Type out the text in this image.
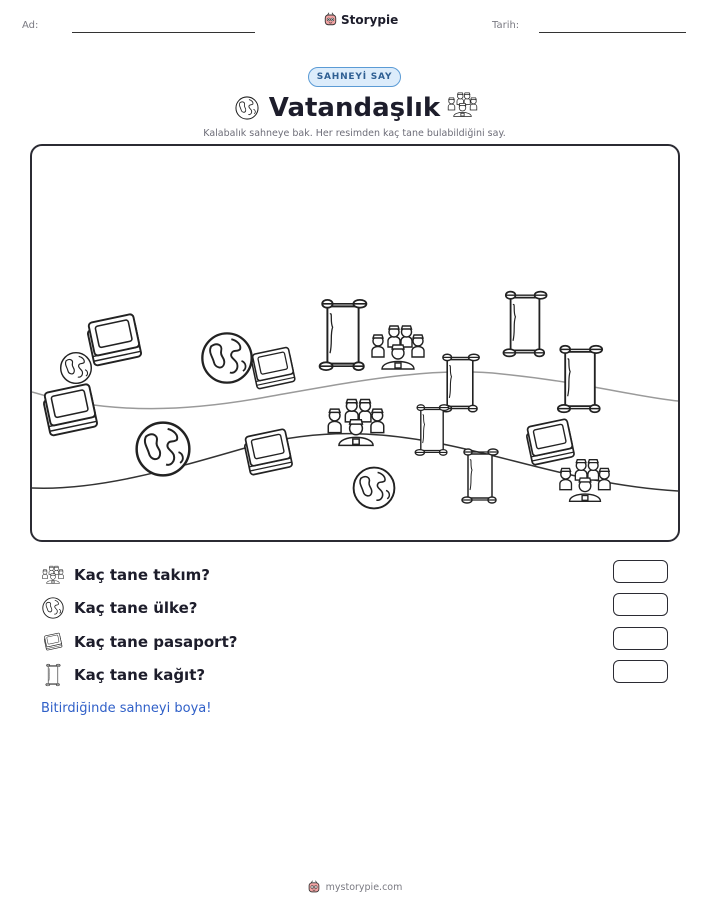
Ad:	Storypie	Tarih:
SAHNEYİ SAY
Vatandaşlık
Kalabalık sahneye bak. Her resimden kaç tane bulabildiğini say.
Kaç tane takım?
Kaç tane ülke?
Kaç tane pasaport?
Kaç tane kağıt?
Bitirdiğinde sahneyi boya!
mystorypie.com
